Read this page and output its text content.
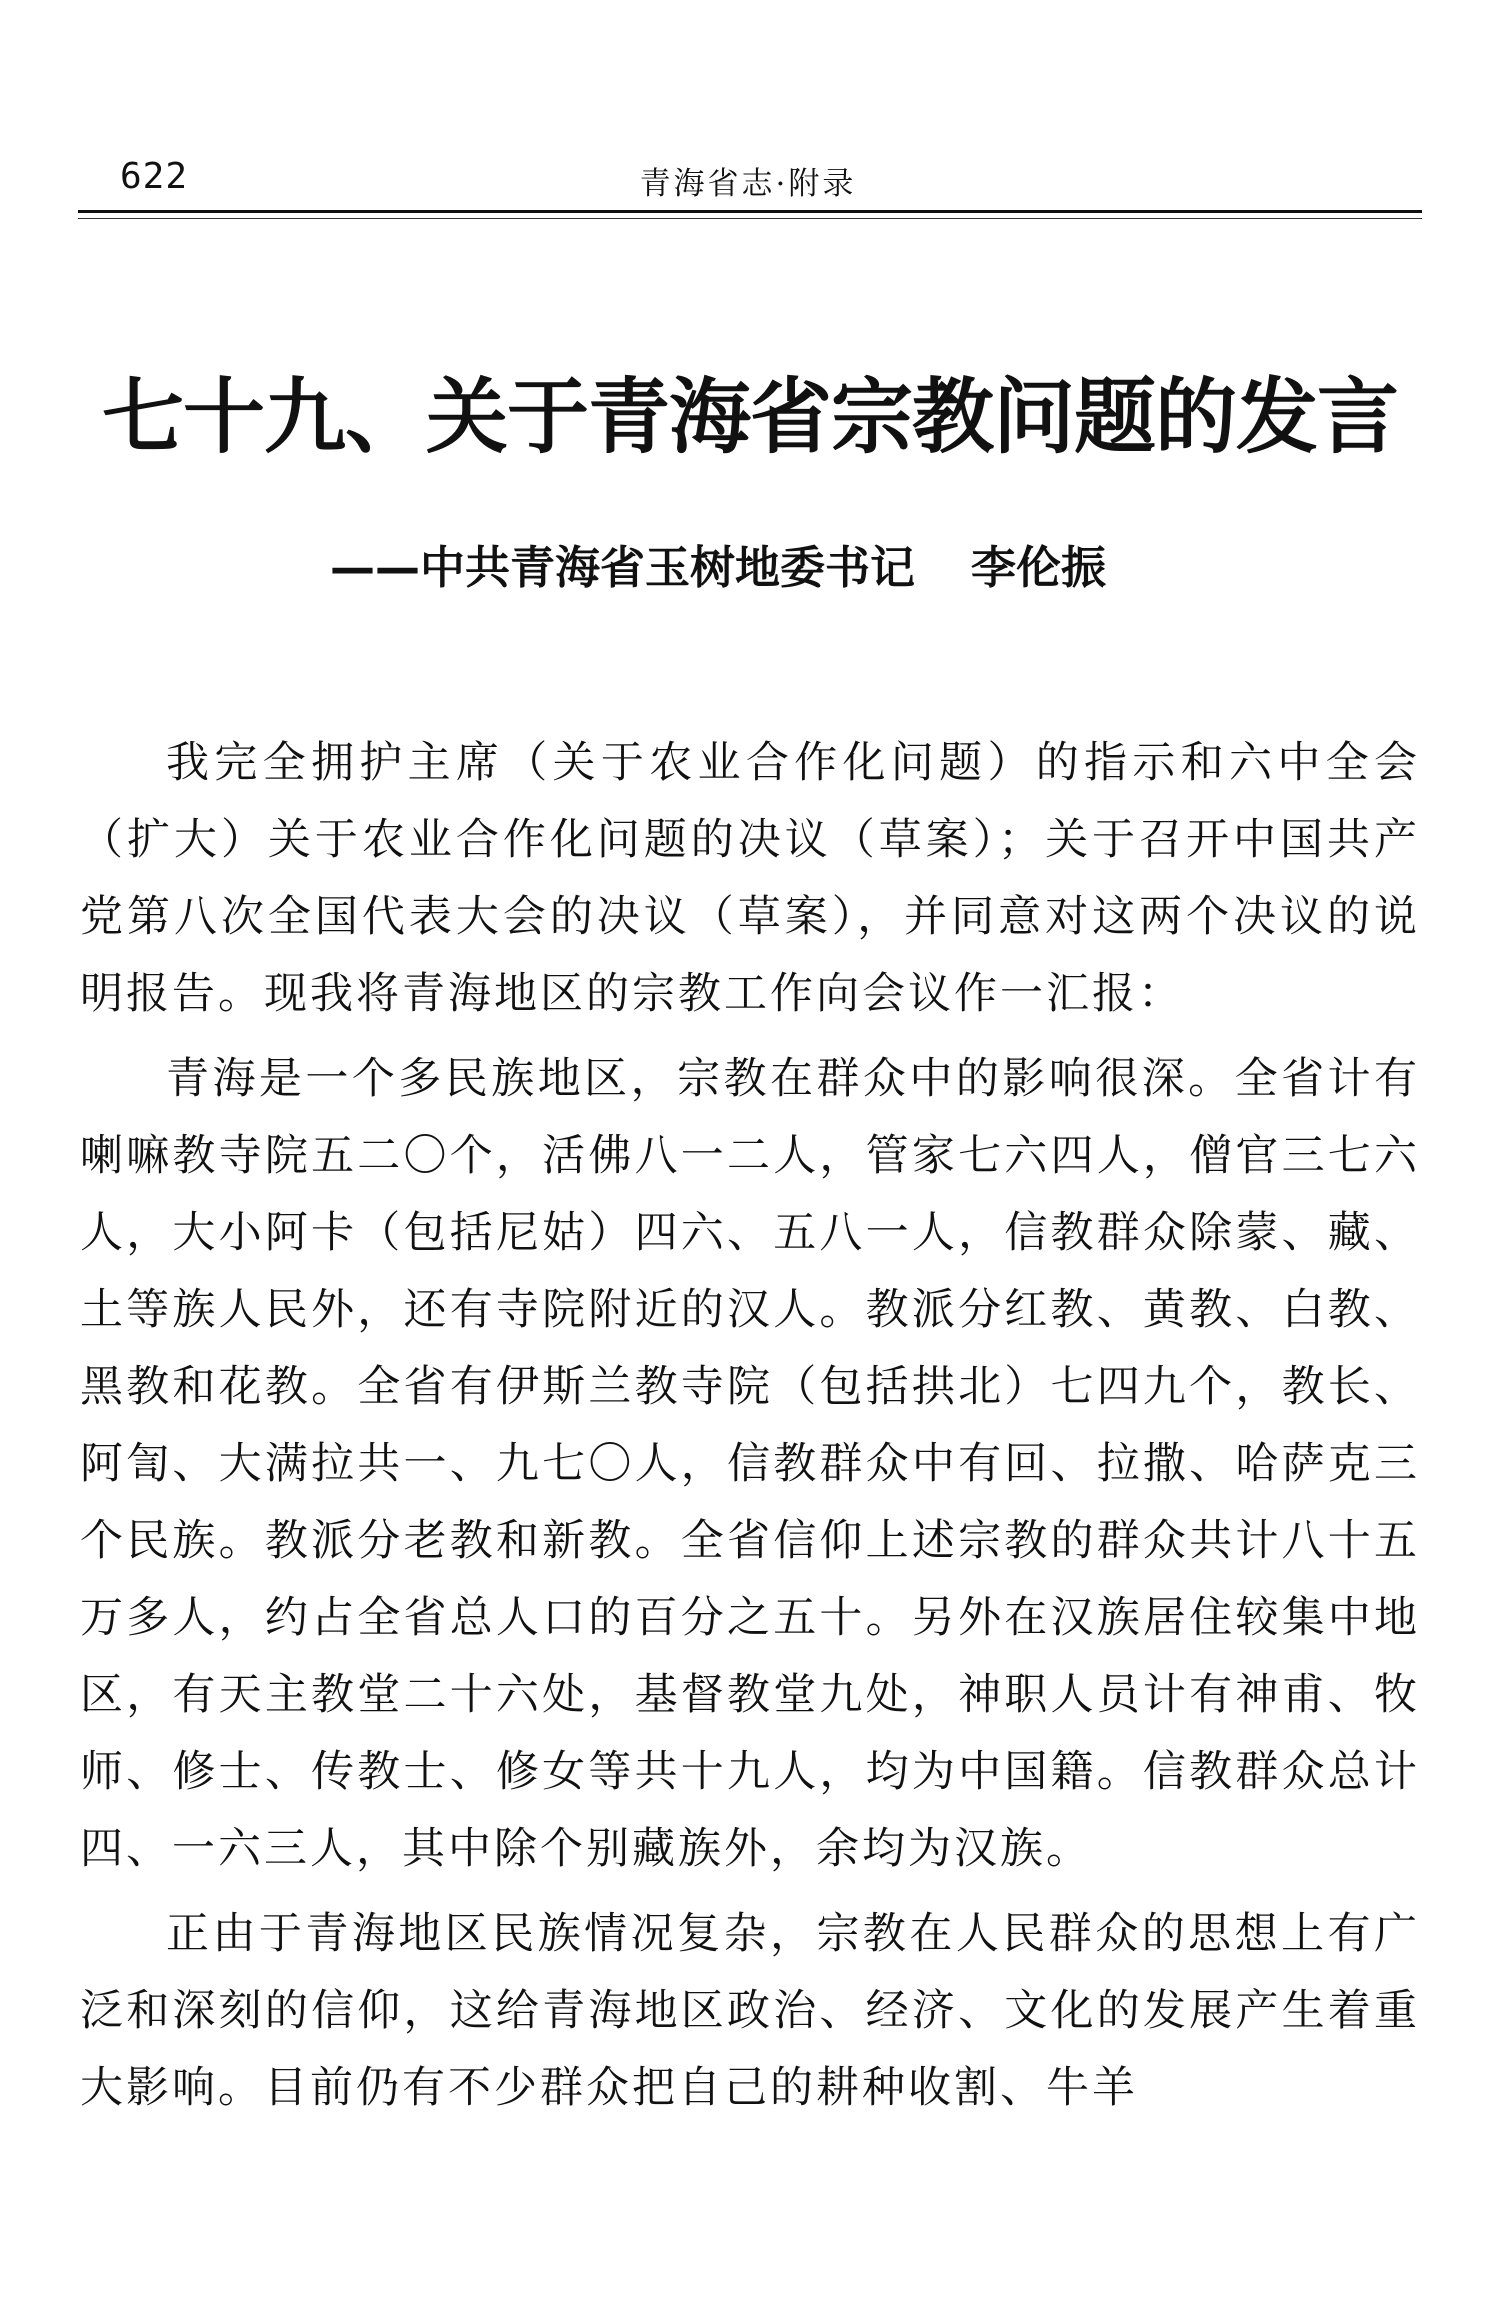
622	青海省志·附录
七十九、关于青海省宗教问题的发言
——中共青海省玉树地委书记 李伦振

我完全拥护主席（关于农业合作化问题）的指示和六中全会（扩大）关于农业合作化问题的决议（草案）；关于召开中国共产党第八次全国代表大会的决议（草案），并同意对这两个决议的说明报告。现我将青海地区的宗教工作向会议作一汇报：

青海是一个多民族地区，宗教在群众中的影响很深。全省计有喇嘛教寺院五二〇个，活佛八一二人，管家七六四人，僧官三七六人，大小阿卡（包括尼姑）四六、五八一人，信教群众除蒙、藏、土等族人民外，还有寺院附近的汉人。教派分红教、黄教、白教、黑教和花教。全省有伊斯兰教寺院（包括拱北）七四九个，教长、阿訇、大满拉共一、九七〇人，信教群众中有回、拉撒、哈萨克三个民族。教派分老教和新教。全省信仰上述宗教的群众共计八十五万多人，约占全省总人口的百分之五十。另外在汉族居住较集中地区，有天主教堂二十六处，基督教堂九处，神职人员计有神甫、牧师、修士、传教士、修女等共十九人，均为中国籍。信教群众总计四、一六三人，其中除个别藏族外，余均为汉族。

正由于青海地区民族情况复杂，宗教在人民群众的思想上有广泛和深刻的信仰，这给青海地区政治、经济、文化的发展产生着重大影响。目前仍有不少群众把自己的耕种收割、牛羊
